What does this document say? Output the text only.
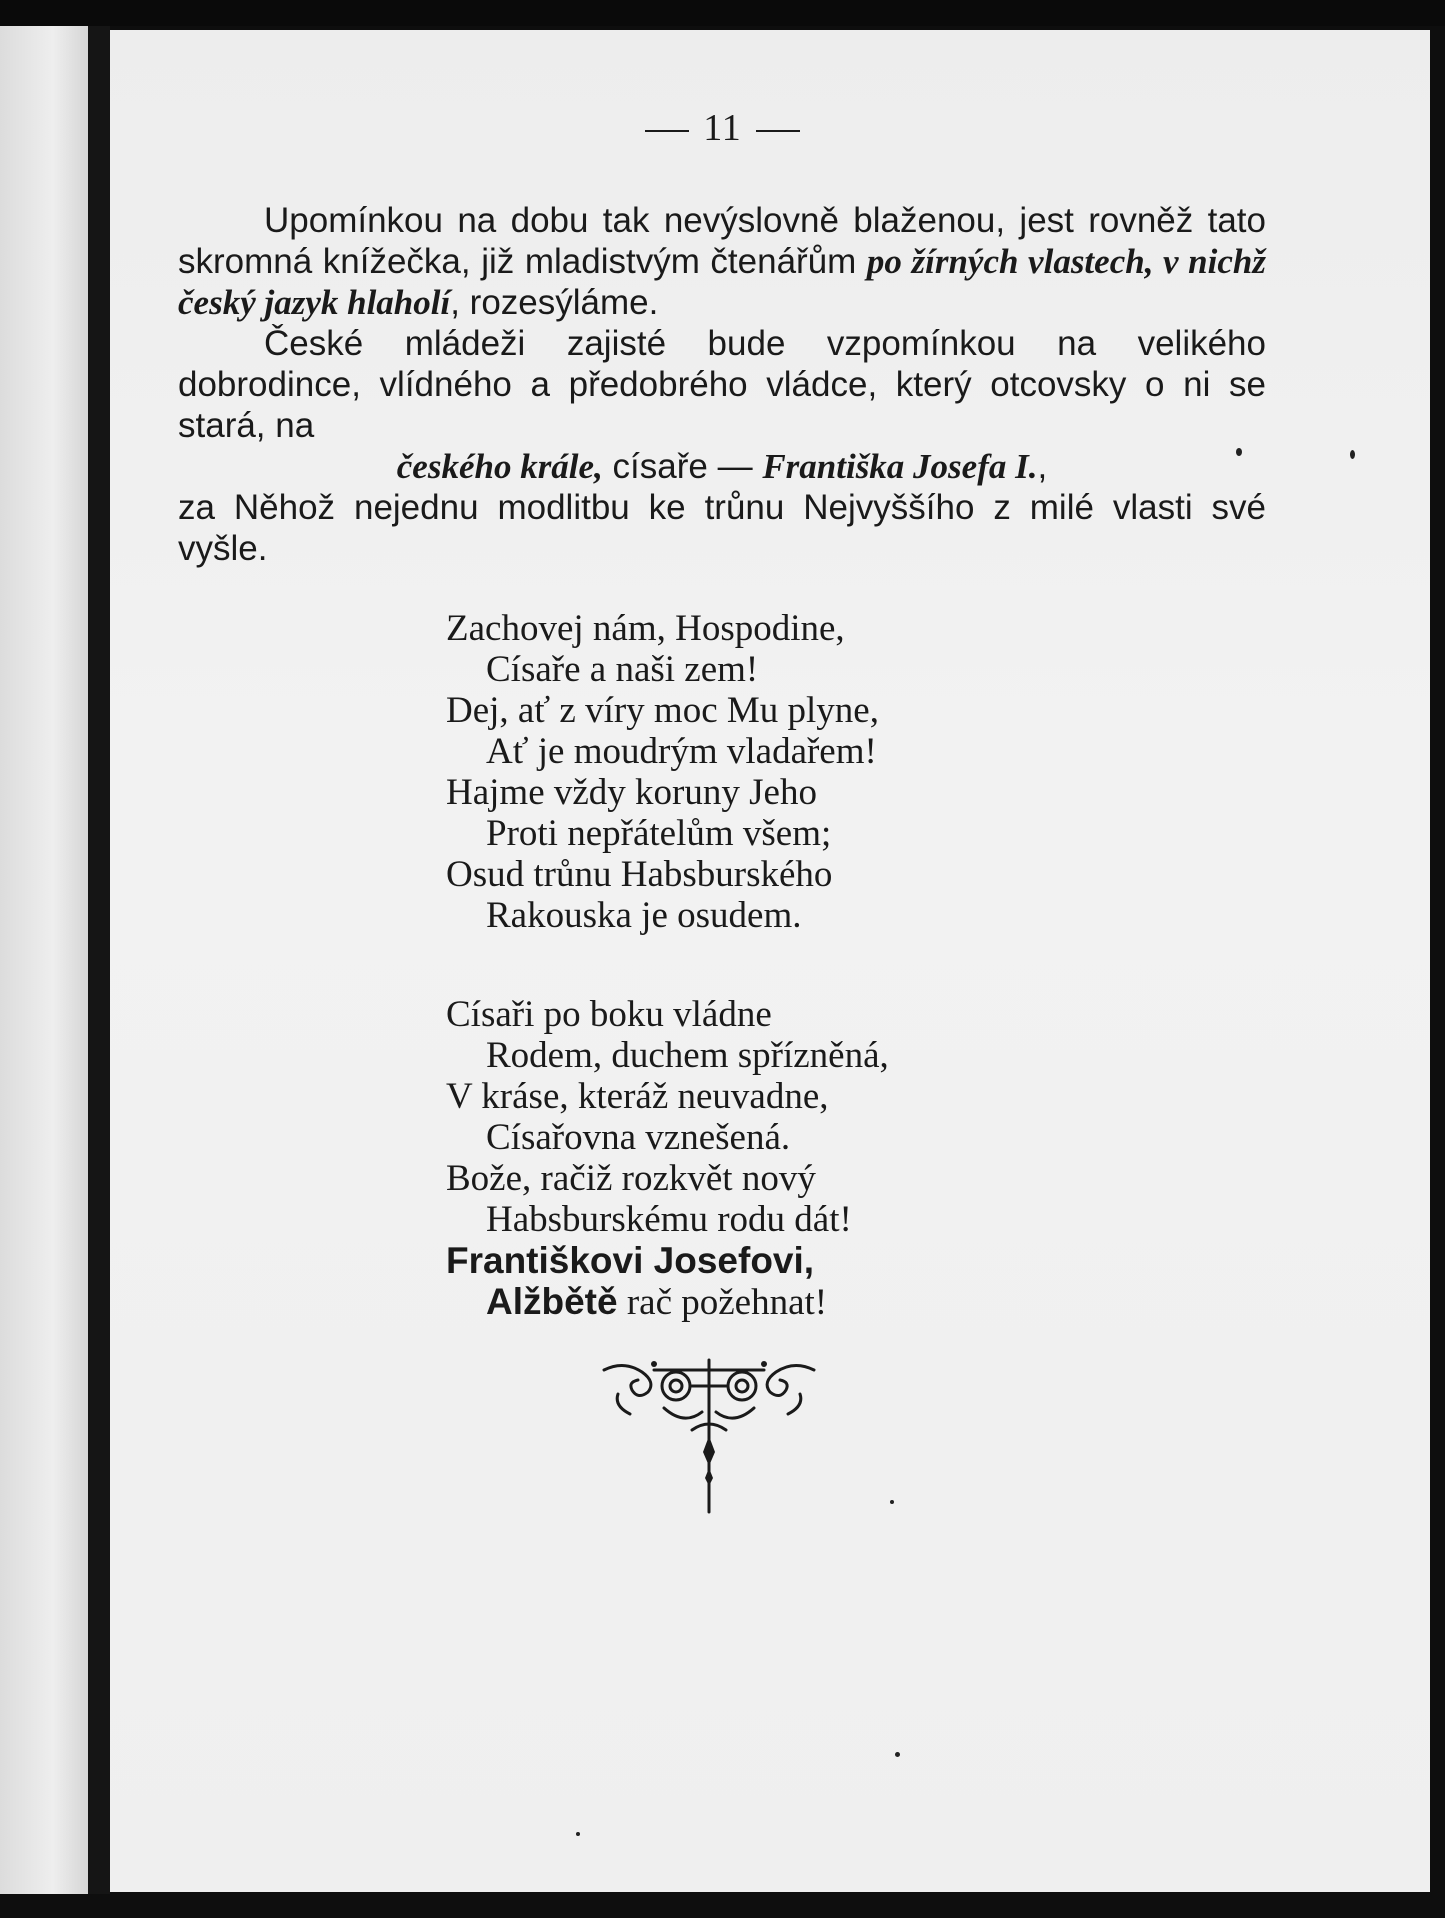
11

Upomínkou na dobu tak nevýslovně blaženou, jest rovněž tato skromná knížečka, již mladistvým čtenářům po žírných vlastech, v nichž český jazyk hlaholí, rozesýláme.

České mládeži zajisté bude vzpomínkou na velikého dobrodince, vlídného a předobrého vládce, který otcovsky o ni se stará, na

českého krále, císaře — Františka Josefa I.,

za Něhož nejednu modlitbu ke trůnu Nejvyššího z milé vlasti své vyšle.

Zachovej nám, Hospodine,
Císaře a naši zem!
Dej, ať z víry moc Mu plyne,
Ať je moudrým vladařem!
Hajme vždy koruny Jeho
Proti nepřátelům všem;
Osud trůnu Habsburského
Rakouska je osudem.
Císaři po boku vládne
Rodem, duchem spřízněná,
V kráse, kteráž neuvadne,
Císařovna vznešená.
Bože, račiž rozkvět nový
Habsburskému rodu dát!
Františkovi Josefovi,
Alžbětě rač požehnat!
